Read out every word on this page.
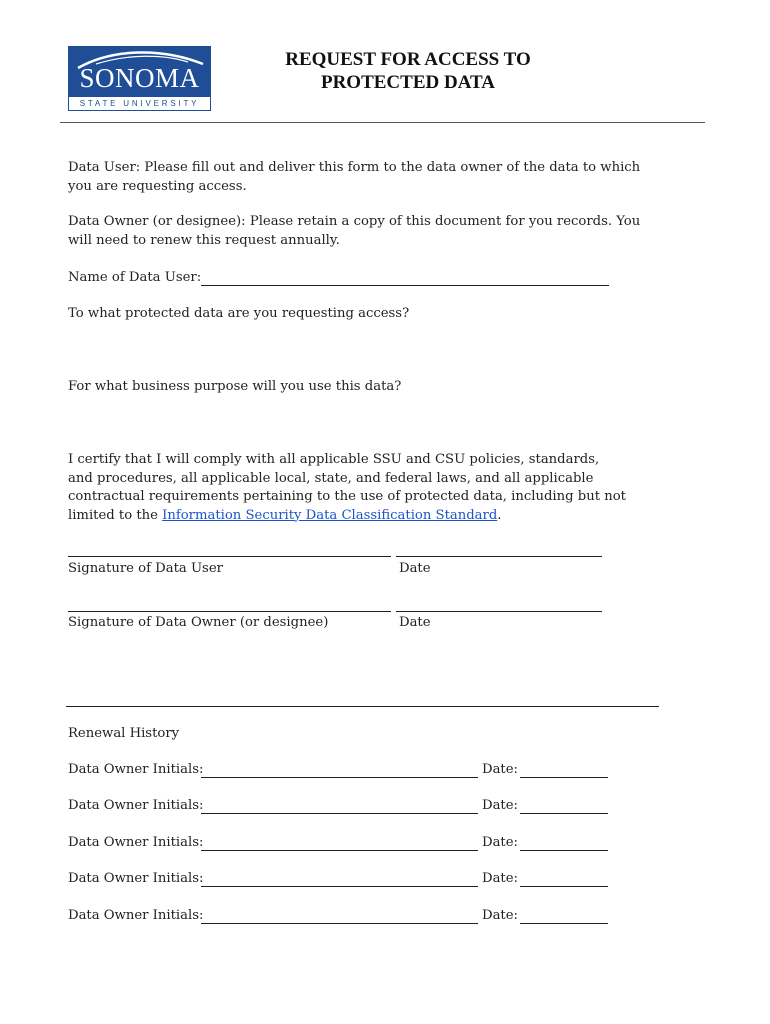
SONOMA
STATE UNIVERSITY
REQUEST FOR ACCESS TO
PROTECTED DATA
Data User: Please fill out and deliver this form to the data owner of the data to which you are requesting access.
Data Owner (or designee): Please retain a copy of this document for you records. You will need to renew this request annually.
Name of Data User:
To what protected data are you requesting access?
For what business purpose will you use this data?
I certify that I will comply with all applicable SSU and CSU policies, standards, and procedures, all applicable local, state, and federal laws, and all applicable contractual requirements pertaining to the use of protected data, including but not limited to the Information Security Data Classification Standard.
Signature of Data User	Date
Signature of Data Owner (or designee)	Date
Renewal History
Data Owner Initials:	Date:
Data Owner Initials:	Date:
Data Owner Initials:	Date:
Data Owner Initials:	Date:
Data Owner Initials:	Date:
